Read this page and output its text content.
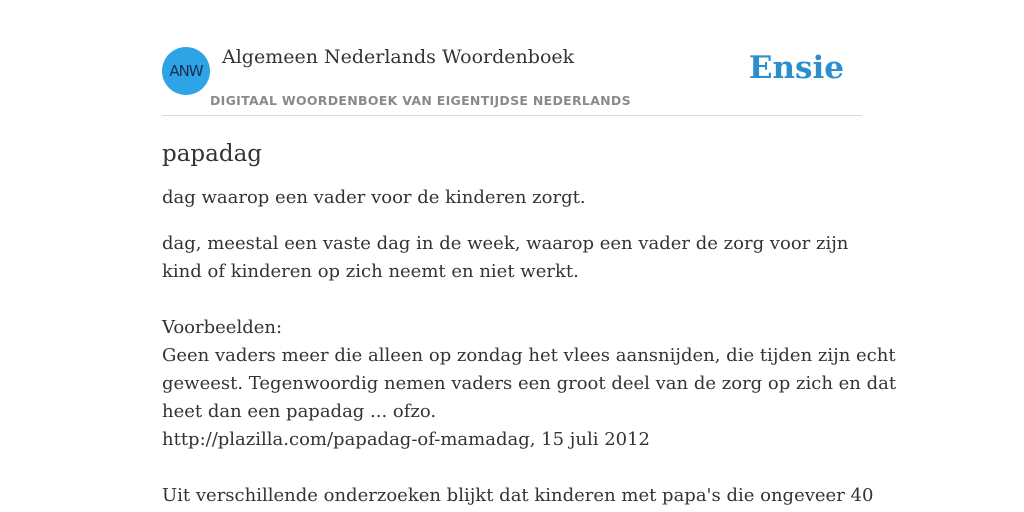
ANW
Algemeen Nederlands Woordenboek
DIGITAAL WOORDENBOEK VAN EIGENTIJDSE NEDERLANDS
Ensie
papadag

dag waarop een vader voor de kinderen zorgt.

dag, meestal een vaste dag in de week, waarop een vader de zorg voor zijn kind of kinderen op zich neemt en niet werkt.

Voorbeelden:
Geen vaders meer die alleen op zondag het vlees aansnijden, die tijden zijn echt
geweest. Tegenwoordig nemen vaders een groot deel van de zorg op zich en dat
heet dan een papadag ... ofzo.
http://plazilla.com/papadag-of-mamadag, 15 juli 2012
Uit verschillende onderzoeken blijkt dat kinderen met papa's die ongeveer 40
